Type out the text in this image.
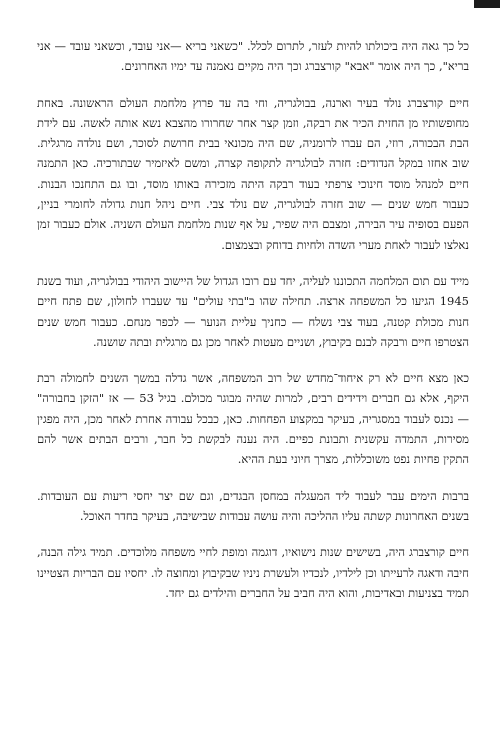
כל כך גאה היה ביכולתו להיות לעזר, לתרום לכלל. "כשאני בריא —אני עובד, וכשאני עובד — אני בריא", כך היה אומר "אבא" קורצברג וכך היה מקיים נאמנה עד ימיו האחרונים.

חיים קורצברג נולד בעיר וארנה, בבולגריה, וחי בה עד פרוץ מלחמת העולם הראשונה. באחת מחופשותיו מן החזית הכיר את רבקה, וזמן קצר אחר שחרורו מהצבא נשא אותה לאשה. עם לידת הבת הבכורה, רוזי, הם עברו לרומניה, שם היה מכונאי בבית חרושת לסוכר, ושם נולדה מרגלית. שוב אחזו במקל הנדודים: חזרה לבולגריה לתקופה קצרה, ומשם לאיזמיר שבתורכיה. כאן התמנה חיים למנהל מוסד חינוכי צרפתי בעוד רבקה היתה מזכירה באותו מוסד, ובו גם התחנכו הבנות. כעבור חמש שנים — שוב חזרה לבולגריה, שם נולד צבי. חיים ניהל חנות גדולה לחומרי בניין, הפעם בסופיה עיר הבירה, ומצבם היה שפיר, על אף שנות מלחמת העולם השניה. אולם כעבור זמן נאלצו לעבור לאחת מערי השדה ולחיות בדוחק ובצמצום.

מייד עם תום המלחמה התכוננו לעליה, יחד עם רובו הגדול של היישוב היהודי בבולגריה, ועוד בשנת 1945 הגיעו כל המשפחה ארצה. תחילה שהו ב"בתי עולים" עד שעברו לחולון, שם פתח חיים חנות מכולת קטנה, בעוד צבי נשלח — כחניך עליית הנוער — לכפר מנחם. כעבור חמש שנים הצטרפו חיים ורבקה לבנם בקיבוץ, ושניים מעטות לאחר מכן גם מרגלית ובתה שושנה.

כאן מצא חיים לא רק איחוד־מחדש של רוב המשפחה, אשר גדלה במשך השנים לחמולה רבת היקף, אלא גם חברים וידידים רבים, למרות שהיה מבוגר מכולם. בגיל 53 — אז "הזקן בחבורה" — נכנס לעבוד במסגריה, בעיקר במקצוע הפחחות. כאן, כבכל עבודה אחרת לאחר מכן, היה מפגין מסירות, התמדה עקשנית ותבונת כפיים. היה נענה לבקשת כל חבר, ורבים הבתים אשר להם התקין פחיות נפט משוכללות, מצרך חיוני בעת ההיא.

ברבות הימים עבר לעבוד ליד המעגלה במחסן הבגדים, וגם שם יצר יחסי ריעות עם העובדות. בשנים האחרונות קשתה עליו ההליכה והיה עושה עבודות שבישיבה, בעיקר בחדר האוכל.

חיים קורצברג היה, בשישים שנות נישואיו, דוגמה ומופת לחיי משפחה מלוכדים. תמיד גילה הבנה, חיבה ודאגה לרעייתו וכן לילדיו, לנכדיו ולעשרת ניניו שבקיבוץ ומחוצה לו. יחסיו עם הבריות הצטיינו תמיד בצניעות ובאדיבות, והוא היה חביב על החברים והילדים גם יחד.
